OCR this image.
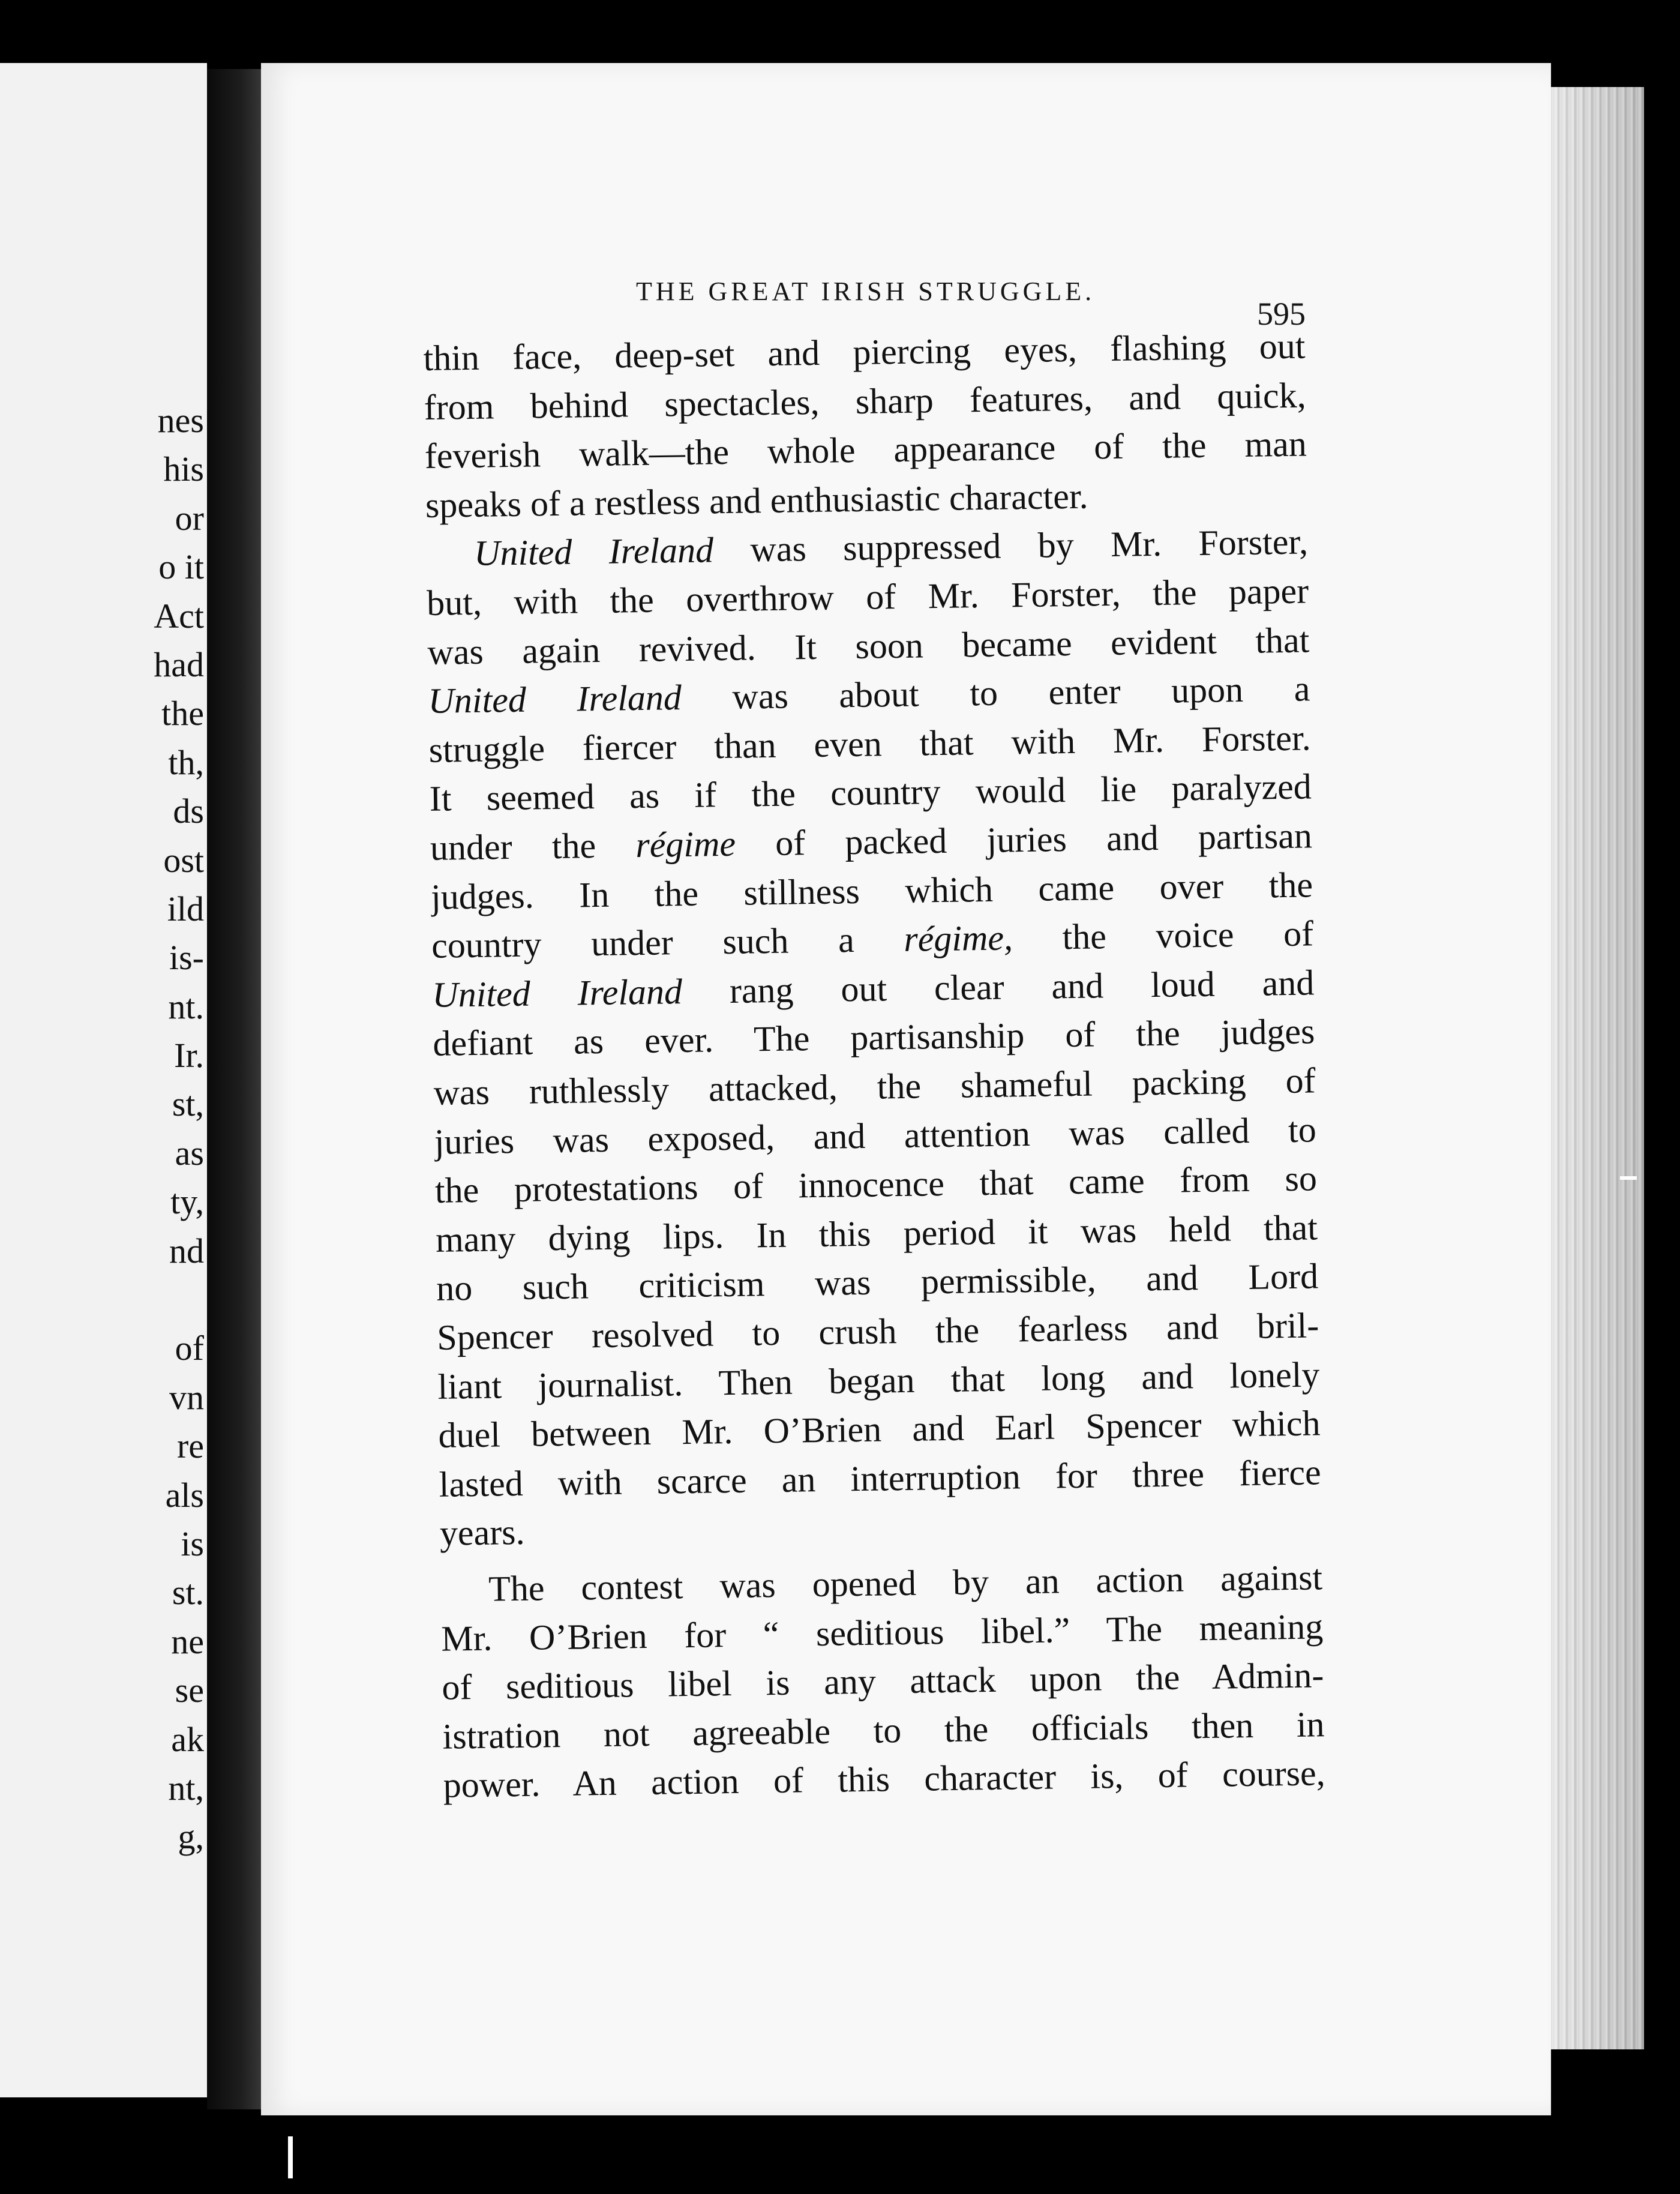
nes
his
or
o it
Act
had
the
th,
ds
ost
ild
is-
nt.
Ir.
st,
as
ty,
nd
of
vn
re
als
is
st.
ne
se
ak
nt,
g,
THE GREAT IRISH STRUGGLE.
595
thin face, deep-set and piercing eyes, flashing out
from behind spectacles, sharp features, and quick,
feverish walk—the whole appearance of the man
speaks of a restless and enthusiastic character.
United Ireland was suppressed by Mr. Forster,
but, with the overthrow of Mr. Forster, the paper
was again revived. It soon became evident that
United Ireland was about to enter upon a
struggle fiercer than even that with Mr. Forster.
It seemed as if the country would lie paralyzed
under the régime of packed juries and partisan
judges. In the stillness which came over the
country under such a régime, the voice of
United Ireland rang out clear and loud and
defiant as ever. The partisanship of the judges
was ruthlessly attacked, the shameful packing of
juries was exposed, and attention was called to
the protestations of innocence that came from so
many dying lips. In this period it was held that
no such criticism was permissible, and Lord
Spencer resolved to crush the fearless and bril-
liant journalist. Then began that long and lonely
duel between Mr. O’Brien and Earl Spencer which
lasted with scarce an interruption for three fierce
years.
The contest was opened by an action against
Mr. O’Brien for “ seditious libel.” The meaning
of seditious libel is any attack upon the Admin-
istration not agreeable to the officials then in
power. An action of this character is, of course,
